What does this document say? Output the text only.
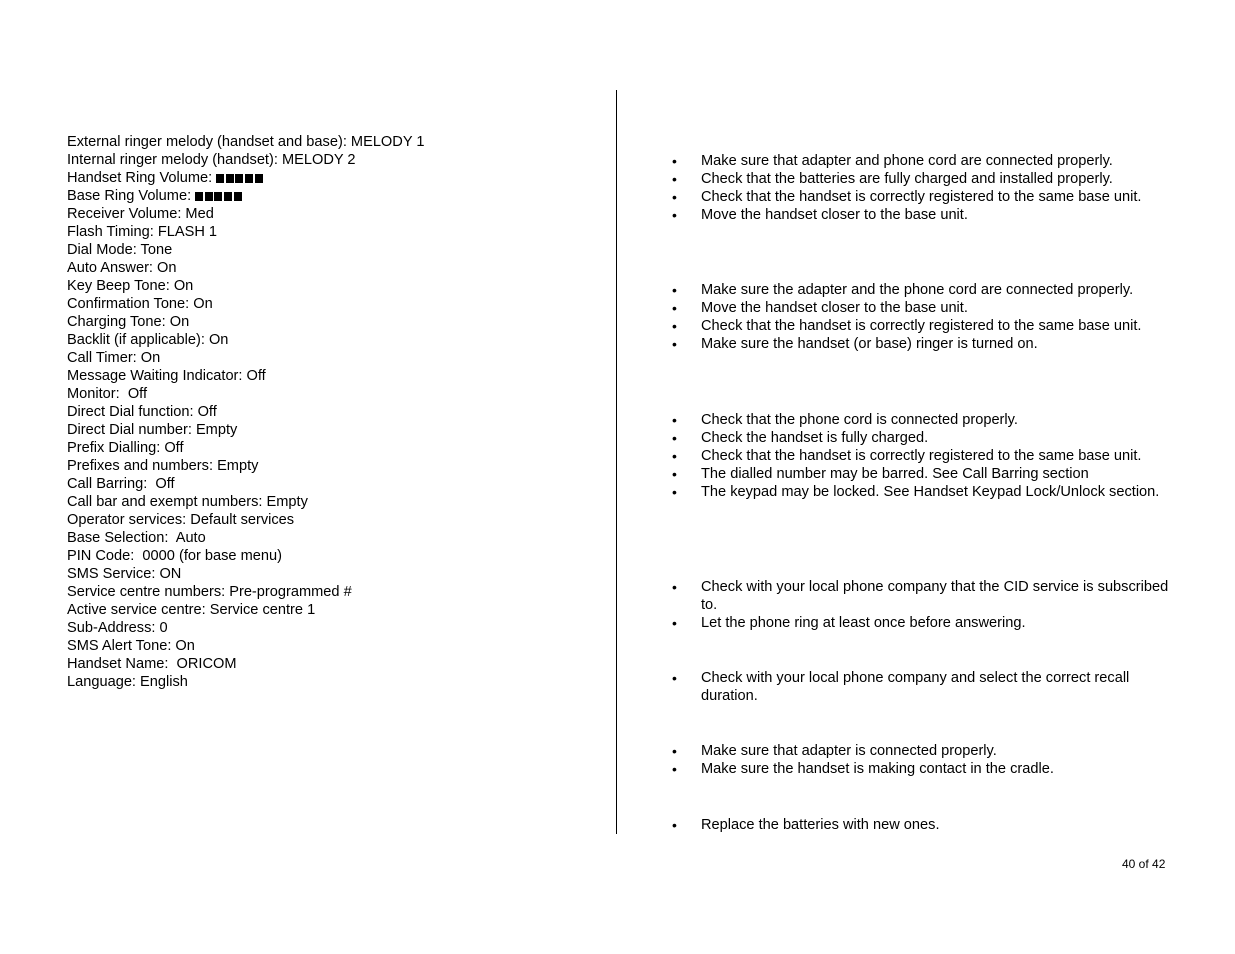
External ringer melody (handset and base): MELODY 1
Internal ringer melody (handset): MELODY 2
Handset Ring Volume:
Base Ring Volume:
Receiver Volume: Med
Flash Timing: FLASH 1
Dial Mode: Tone
Auto Answer: On
Key Beep Tone: On
Confirmation Tone: On
Charging Tone: On
Backlit (if applicable): On
Call Timer: On
Message Waiting Indicator: Off
Monitor:  Off
Direct Dial function: Off
Direct Dial number: Empty
Prefix Dialling: Off
Prefixes and numbers: Empty
Call Barring:  Off
Call bar and exempt numbers: Empty
Operator services: Default services
Base Selection:  Auto
PIN Code:  0000 (for base menu)
SMS Service: ON
Service centre numbers: Pre-programmed #
Active service centre: Service centre 1
Sub-Address: 0
SMS Alert Tone: On
Handset Name:  ORICOM
Language: English
• Make sure that adapter and phone cord are connected properly.
• Check that the batteries are fully charged and installed properly.
• Check that the handset is correctly registered to the same base unit.
• Move the handset closer to the base unit.
• Make sure the adapter and the phone cord are connected properly.
• Move the handset closer to the base unit.
• Check that the handset is correctly registered to the same base unit.
• Make sure the handset (or base) ringer is turned on.
• Check that the phone cord is connected properly.
• Check the handset is fully charged.
• Check that the handset is correctly registered to the same base unit.
• The dialled number may be barred. See Call Barring section
• The keypad may be locked. See Handset Keypad Lock/Unlock section.
• Check with your local phone company that the CID service is subscribed to.
• Let the phone ring at least once before answering.
• Check with your local phone company and select the correct recall duration.
• Make sure that adapter is connected properly.
• Make sure the handset is making contact in the cradle.
• Replace the batteries with new ones.
40 of 42
